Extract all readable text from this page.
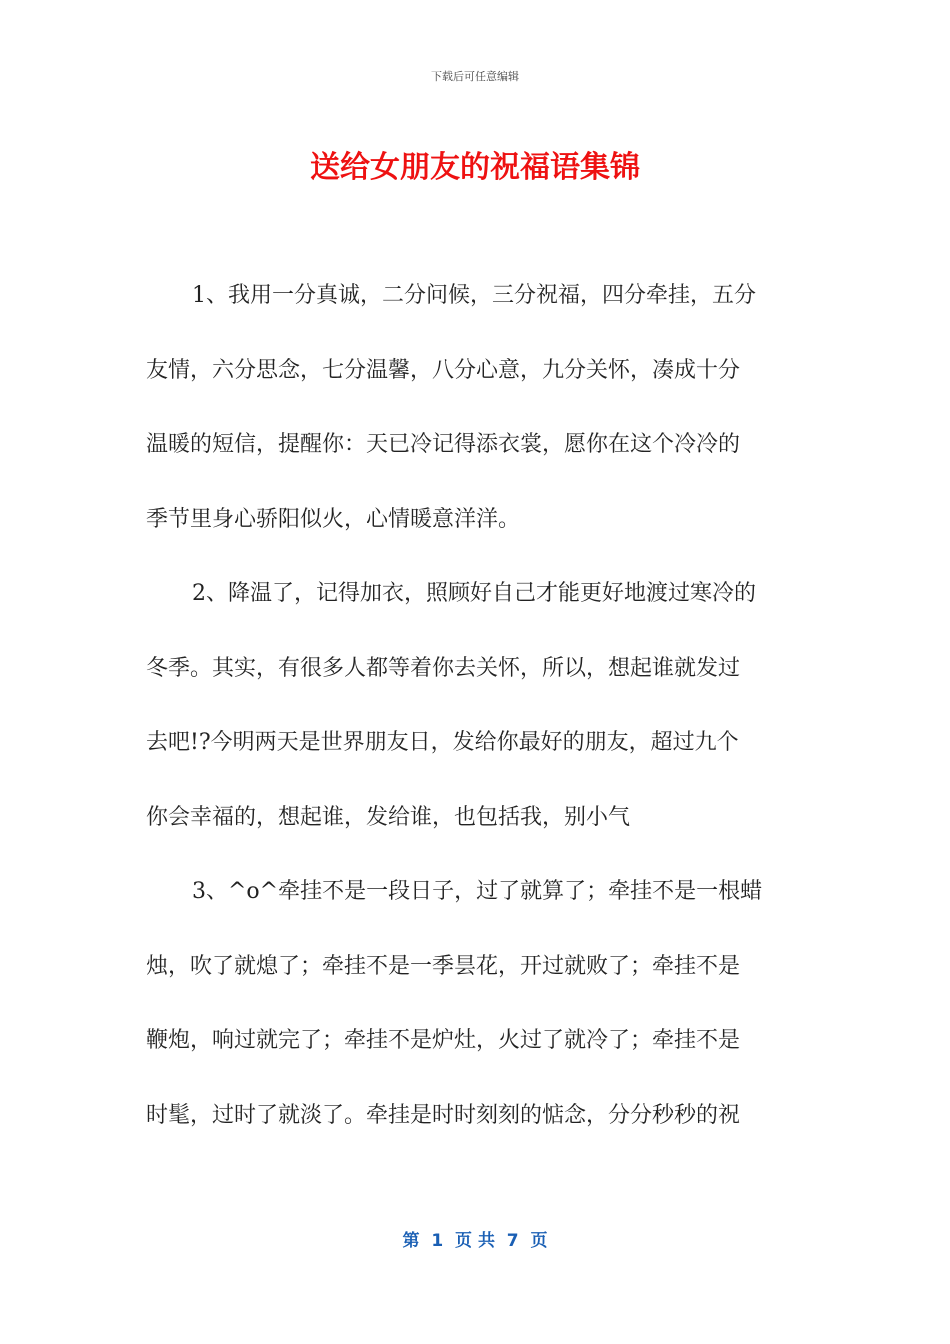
下载后可任意编辑
送给女朋友的祝福语集锦
1、我用一分真诚，二分问候，三分祝福，四分牵挂，五分
友情，六分思念，七分温馨，八分心意，九分关怀，凑成十分
温暖的短信，提醒你：天已冷记得添衣裳，愿你在这个冷冷的
季节里身心骄阳似火，心情暖意洋洋。
2、降温了，记得加衣，照顾好自己才能更好地渡过寒冷的
冬季。其实，有很多人都等着你去关怀，所以，想起谁就发过
去吧!?今明两天是世界朋友日，发给你最好的朋友，超过九个
你会幸福的，想起谁，发给谁，也包括我，别小气
3、^o^牵挂不是一段日子，过了就算了；牵挂不是一根蜡
烛，吹了就熄了；牵挂不是一季昙花，开过就败了；牵挂不是
鞭炮，响过就完了；牵挂不是炉灶，火过了就冷了；牵挂不是
时髦，过时了就淡了。牵挂是时时刻刻的惦念，分分秒秒的祝
第  1  页 共  7  页
